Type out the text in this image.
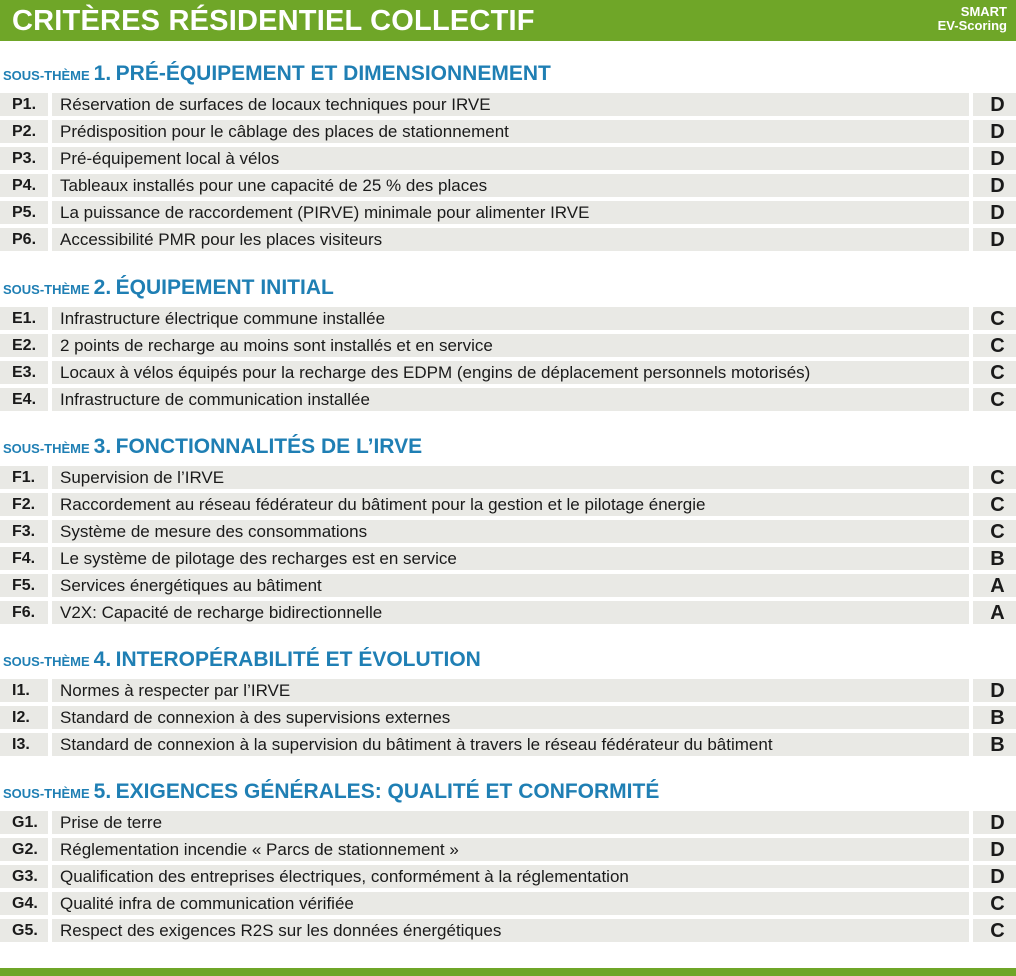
CRITÈRES RÉSIDENTIEL COLLECTIF	SMART
EV-Scoring
SOUS-THÈME 1. PRÉ-ÉQUIPEMENT ET DIMENSIONNEMENT
P1.	Réservation de surfaces de locaux techniques pour IRVE	D
P2.	Prédisposition pour le câblage des places de stationnement	D
P3.	Pré-équipement local à vélos	D
P4.	Tableaux installés pour une capacité de 25 % des places	D
P5.	La puissance de raccordement (PIRVE) minimale pour alimenter IRVE	D
P6.	Accessibilité PMR pour les places visiteurs	D
SOUS-THÈME 2. ÉQUIPEMENT INITIAL
E1.	Infrastructure électrique commune installée	C
E2.	2 points de recharge au moins sont installés et en service	C
E3.	Locaux à vélos équipés pour la recharge des EDPM (engins de déplacement personnels motorisés)	C
E4.	Infrastructure de communication installée	C
SOUS-THÈME 3. FONCTIONNALITÉS DE L’IRVE
F1.	Supervision de l’IRVE	C
F2.	Raccordement au réseau fédérateur du bâtiment pour la gestion et le pilotage énergie	C
F3.	Système de mesure des consommations	C
F4.	Le système de pilotage des recharges est en service	B
F5.	Services énergétiques au bâtiment	A
F6.	V2X: Capacité de recharge bidirectionnelle	A
SOUS-THÈME 4. INTEROPÉRABILITÉ ET ÉVOLUTION
I1.	Normes à respecter par l’IRVE	D
I2.	Standard de connexion à des supervisions externes	B
I3.	Standard de connexion à la supervision du bâtiment à travers le réseau fédérateur du bâtiment	B
SOUS-THÈME 5. EXIGENCES GÉNÉRALES: QUALITÉ ET CONFORMITÉ
G1.	Prise de terre	D
G2.	Réglementation incendie « Parcs de stationnement »	D
G3.	Qualification des entreprises électriques, conformément à la réglementation	D
G4.	Qualité infra de communication vérifiée	C
G5.	Respect des exigences R2S sur les données énergétiques	C
